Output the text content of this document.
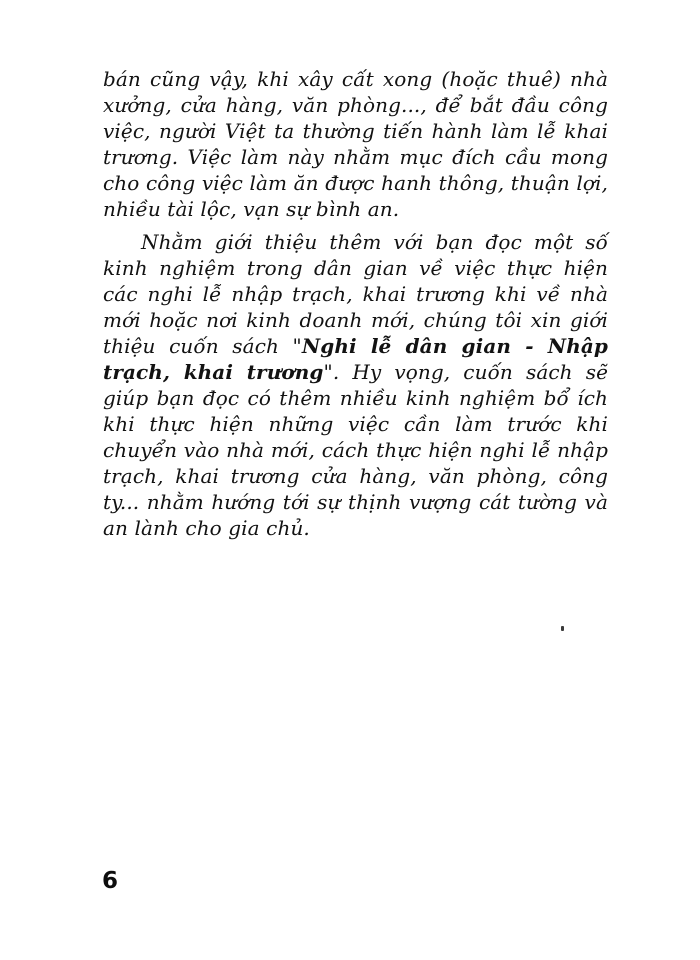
bán cũng vậy, khi xây cất xong (hoặc thuê) nhà xưởng, cửa hàng, văn phòng..., để bắt đầu công việc, người Việt ta thường tiến hành làm lễ khai trương. Việc làm này nhằm mục đích cầu mong cho công việc làm ăn được hanh thông, thuận lợi, nhiều tài lộc, vạn sự bình an.

Nhằm giới thiệu thêm với bạn đọc một số kinh nghiệm trong dân gian về việc thực hiện các nghi lễ nhập trạch, khai trương khi về nhà mới hoặc nơi kinh doanh mới, chúng tôi xin giới thiệu cuốn sách "Nghi lễ dân gian - Nhập trạch, khai trương". Hy vọng, cuốn sách sẽ giúp bạn đọc có thêm nhiều kinh nghiệm bổ ích khi thực hiện những việc cần làm trước khi chuyển vào nhà mới, cách thực hiện nghi lễ nhập trạch, khai trương cửa hàng, văn phòng, công ty... nhằm hướng tới sự thịnh vượng cát tường và an lành cho gia chủ.

6
